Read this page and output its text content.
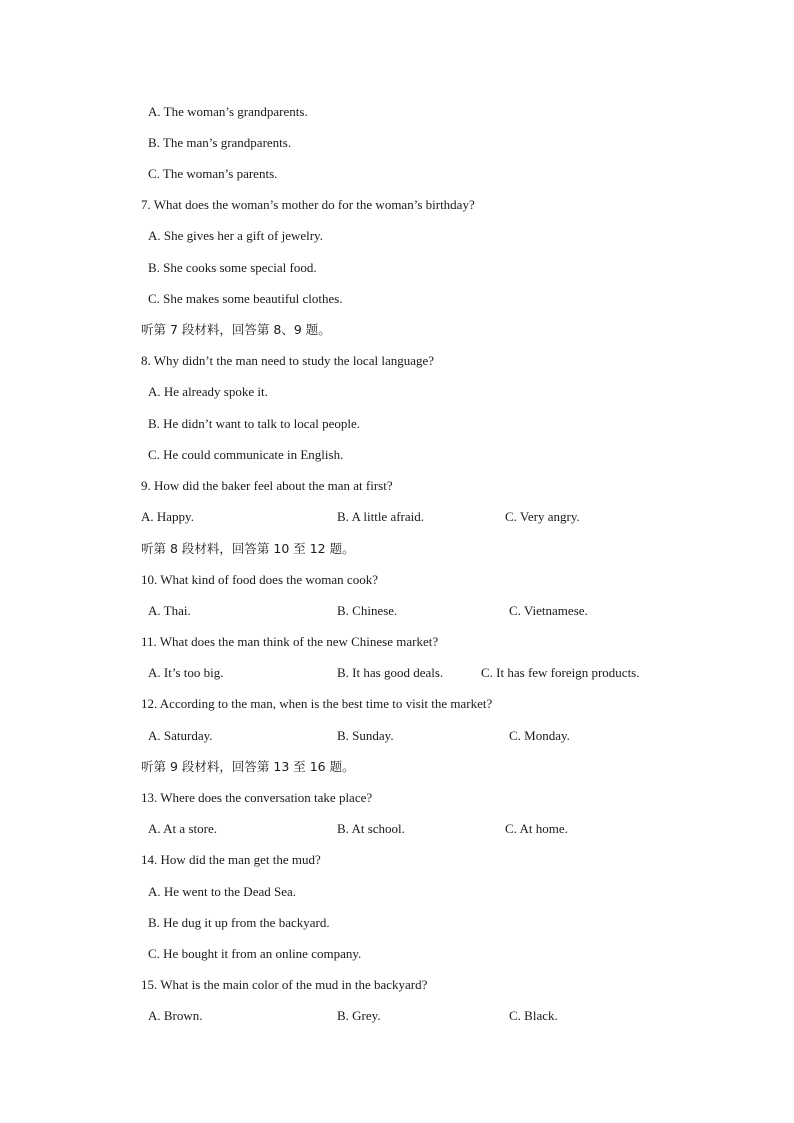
A. The woman’s grandparents.
B. The man’s grandparents.
C. The woman’s parents.
7. What does the woman’s mother do for the woman’s birthday?
A. She gives her a gift of jewelry.
B. She cooks some special food.
C. She makes some beautiful clothes.
听第 7 段材料，回答第 8、9 题。
8. Why didn’t the man need to study the local language?
A. He already spoke it.
B. He didn’t want to talk to local people.
C. He could communicate in English.
9. How did the baker feel about the man at first?
A. Happy.	B. A little afraid.	C. Very angry.
听第 8 段材料，回答第 10 至 12 题。
10. What kind of food does the woman cook?
A. Thai.	B. Chinese.	C. Vietnamese.
11. What does the man think of the new Chinese market?
A. It’s too big.	B. It has good deals.	C. It has few foreign products.
12. According to the man, when is the best time to visit the market?
A. Saturday.	B. Sunday.	C. Monday.
听第 9 段材料，回答第 13 至 16 题。
13. Where does the conversation take place?
A. At a store.	B. At school.	C. At home.
14. How did the man get the mud?
A. He went to the Dead Sea.
B. He dug it up from the backyard.
C. He bought it from an online company.
15. What is the main color of the mud in the backyard?
A. Brown.	B. Grey.	C. Black.
